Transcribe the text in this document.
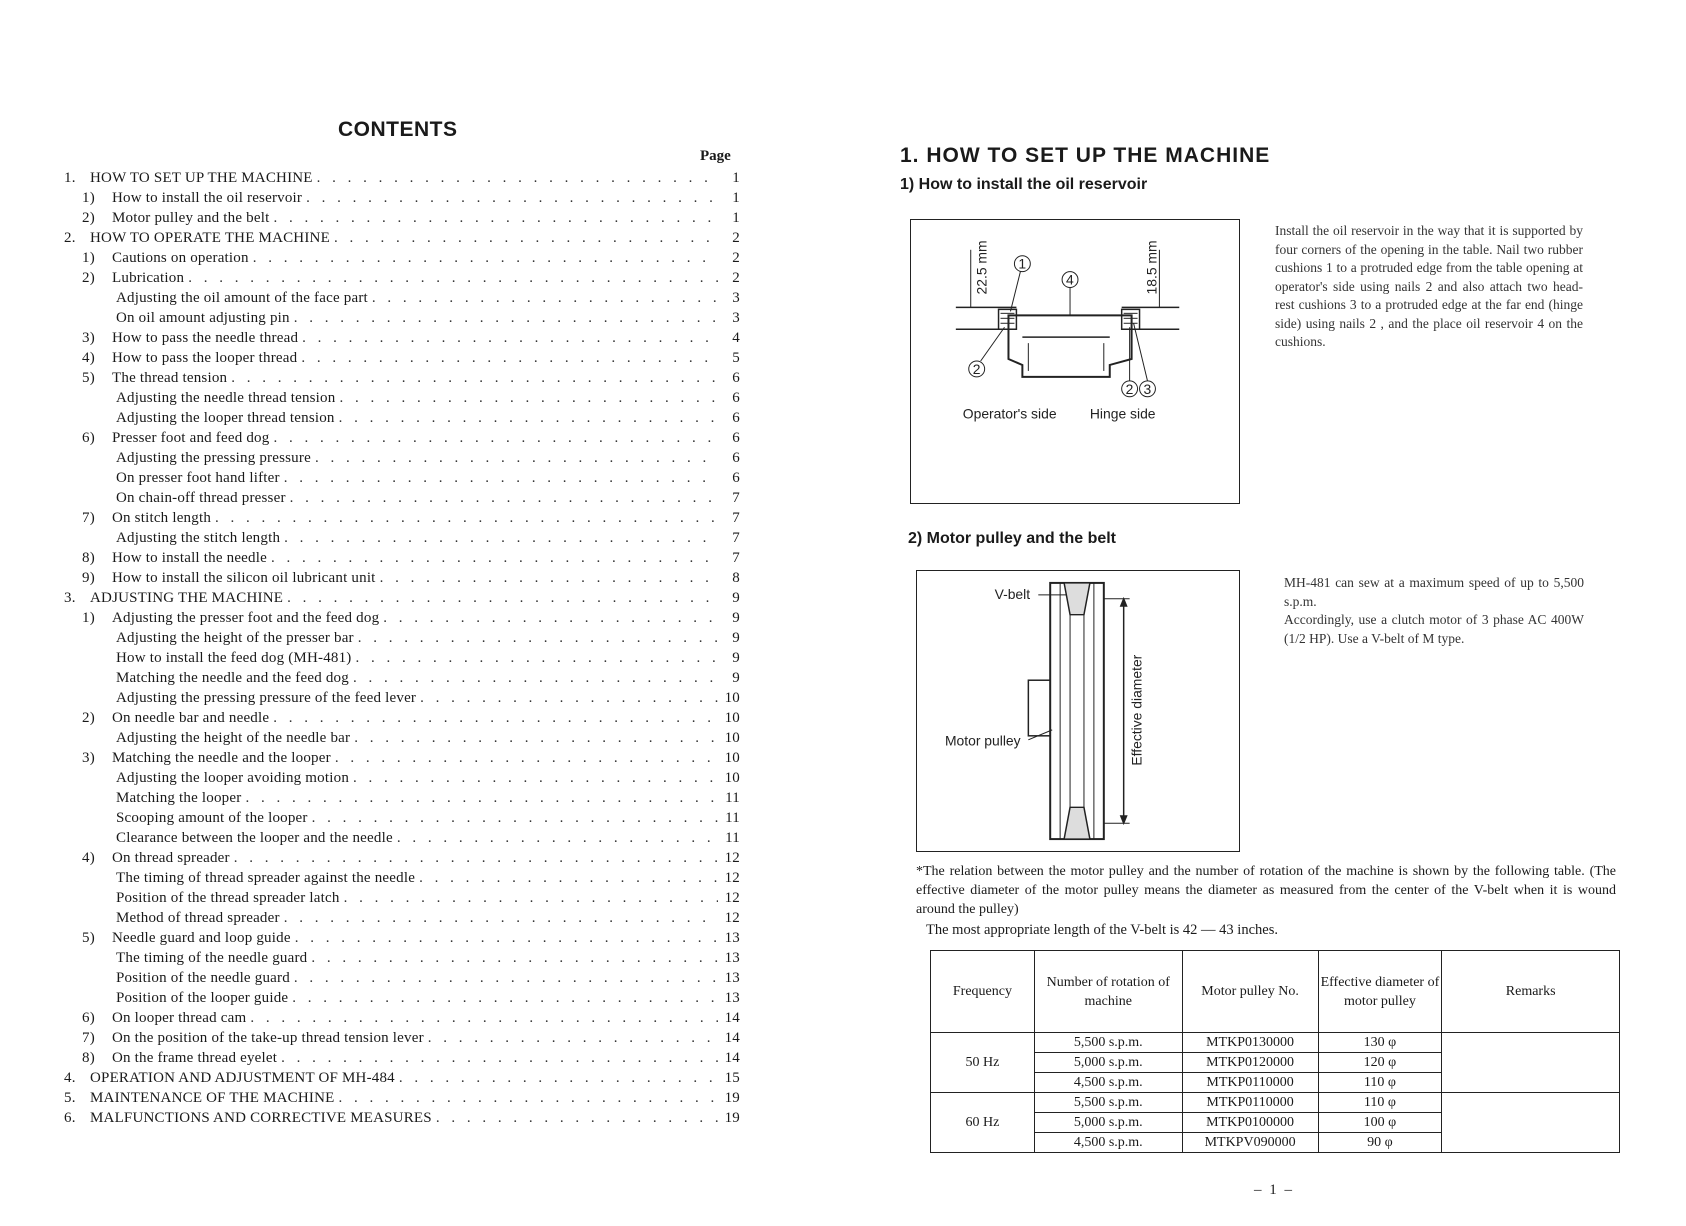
CONTENTS
Page
1. HOW TO SET UP THE MACHINE . . .	1
1)	How to install the oil reservoir . . .	1
2)	Motor pulley and the belt . . .	1
2. HOW TO OPERATE THE MACHINE . . .	2
1)	Cautions on operation . . .	2
2)	Lubrication . . .	2
Adjusting the oil amount of the face part . . .	3
On oil amount adjusting pin . . .	3
3)	How to pass the needle thread . . .	4
4)	How to pass the looper thread . . .	5
5)	The thread tension . . .	6
Adjusting the needle thread tension . . .	6
Adjusting the looper thread tension . . .	6
6)	Presser foot and feed dog . . .	6
Adjusting the pressing pressure . . .	6
On presser foot hand lifter . . .	6
On chain-off thread presser . . .	7
7)	On stitch length . . .	7
Adjusting the stitch length . . .	7
8)	How to install the needle . . .	7
9)	How to install the silicon oil lubricant unit . . .	8
3. ADJUSTING THE MACHINE . . .	9
1)	Adjusting the presser foot and the feed dog . . .	9
Adjusting the height of the presser bar . . .	9
How to install the feed dog (MH-481) . . .	9
Matching the needle and the feed dog . . .	9
Adjusting the pressing pressure of the feed lever . . .	10
2)	On needle bar and needle . . .	10
Adjusting the height of the needle bar . . .	10
3)	Matching the needle and the looper . . .	10
Adjusting the looper avoiding motion . . .	10
Matching the looper . . .	11
Scooping amount of the looper . . .	11
Clearance between the looper and the needle . . .	11
4)	On thread spreader . . .	12
The timing of thread spreader against the needle . . .	12
Position of the thread spreader latch . . .	12
Method of thread spreader . . .	12
5)	Needle guard and loop guide . . .	13
The timing of the needle guard . . .	13
Position of the needle guard . . .	13
Position of the looper guide . . .	13
6)	On looper thread cam . . .	14
7)	On the position of the take-up thread tension lever . . .	14
8)	On the frame thread eyelet . . .	14
4. OPERATION AND ADJUSTMENT OF MH-484 . . .	15
5. MAINTENANCE OF THE MACHINE . . .	19
6. MALFUNCTIONS AND CORRECTIVE MEASURES . . .	19
1. HOW TO SET UP THE MACHINE
1) How to install the oil reservoir
22.5 mm	18.5 mm
1
4
2
2 3
Operator's side Hinge side
Install the oil reservoir in the way that it is supported by four corners of the opening in the table. Nail two rubber cushions 1 to a protruded edge from the table opening at operator's side using nails 2 and also attach two head-rest cushions 3 to a protruded edge at the far end (hinge side) using nails 2 , and the place oil reservoir 4 on the cushions.
2) Motor pulley and the belt
Effective diameter
V-belt
Motor pulley
MH-481 can sew at a maximum speed of up to 5,500 s.p.m.
Accordingly, use a clutch motor of 3 phase AC 400W (1/2 HP). Use a V-belt of M type.
*The relation between the motor pulley and the number of rotation of the machine is shown by the following table. (The effective diameter of the motor pulley means the diameter as measured from the center of the V-belt when it is wound around the pulley)
The most appropriate length of the V-belt is 42 — 43 inches.
Frequency	Number of rotation of machine	Motor pulley No.	Effective diameter of motor pulley	Remarks
50 Hz	5,500 s.p.m.	MTKP0130000	130 φ	
	5,000 s.p.m.	MTKP0120000	120 φ	
	4,500 s.p.m.	MTKP0110000	110 φ	
60 Hz	5,500 s.p.m.	MTKP0110000	110 φ	
	5,000 s.p.m.	MTKP0100000	100 φ	
	4,500 s.p.m.	MTKPV090000	90 φ	
– 1 –
